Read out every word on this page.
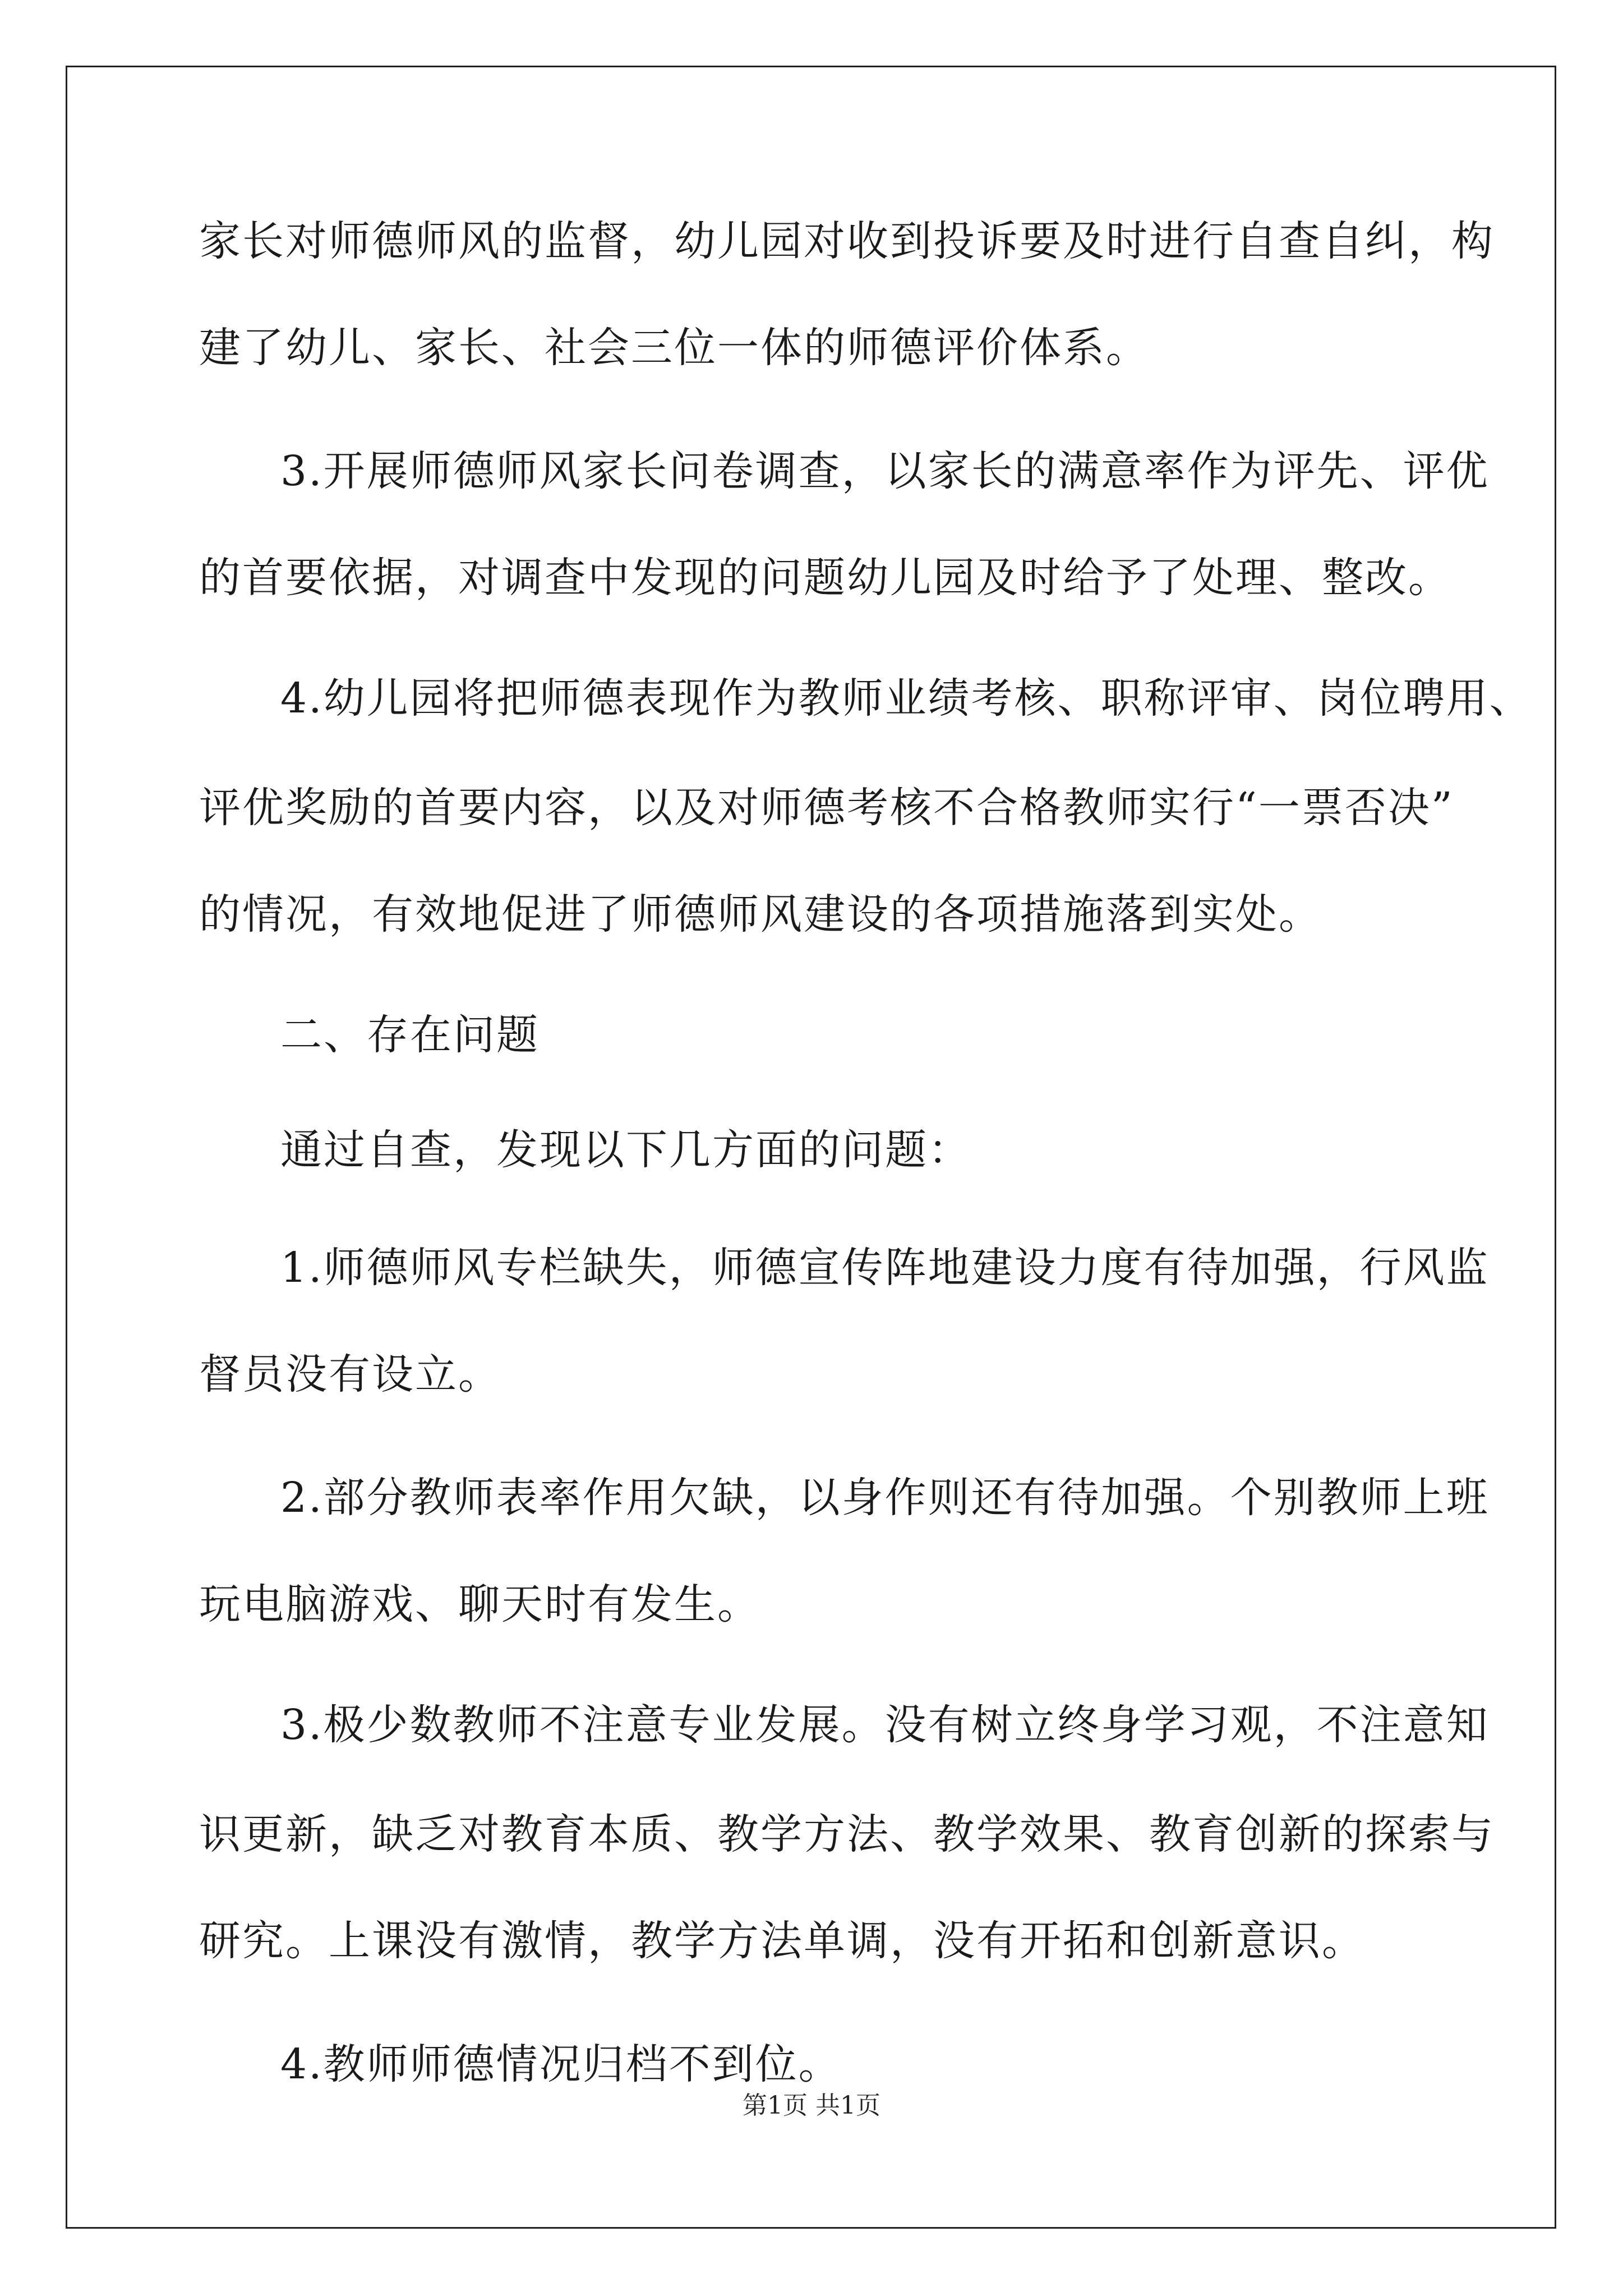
家长对师德师风的监督，幼儿园对收到投诉要及时进行自查自纠，构
建了幼儿、家长、社会三位一体的师德评价体系。
3.开展师德师风家长问卷调查，以家长的满意率作为评先、评优
的首要依据，对调查中发现的问题幼儿园及时给予了处理、整改。
4.幼儿园将把师德表现作为教师业绩考核、职称评审、岗位聘用、
评优奖励的首要内容，以及对师德考核不合格教师实行“一票否决”
的情况，有效地促进了师德师风建设的各项措施落到实处。
二、存在问题
通过自查，发现以下几方面的问题：
1.师德师风专栏缺失，师德宣传阵地建设力度有待加强，行风监
督员没有设立。
2.部分教师表率作用欠缺，以身作则还有待加强。个别教师上班
玩电脑游戏、聊天时有发生。
3.极少数教师不注意专业发展。没有树立终身学习观，不注意知
识更新，缺乏对教育本质、教学方法、教学效果、教育创新的探索与
研究。上课没有激情，教学方法单调，没有开拓和创新意识。
4.教师师德情况归档不到位。
第1页 共1页
